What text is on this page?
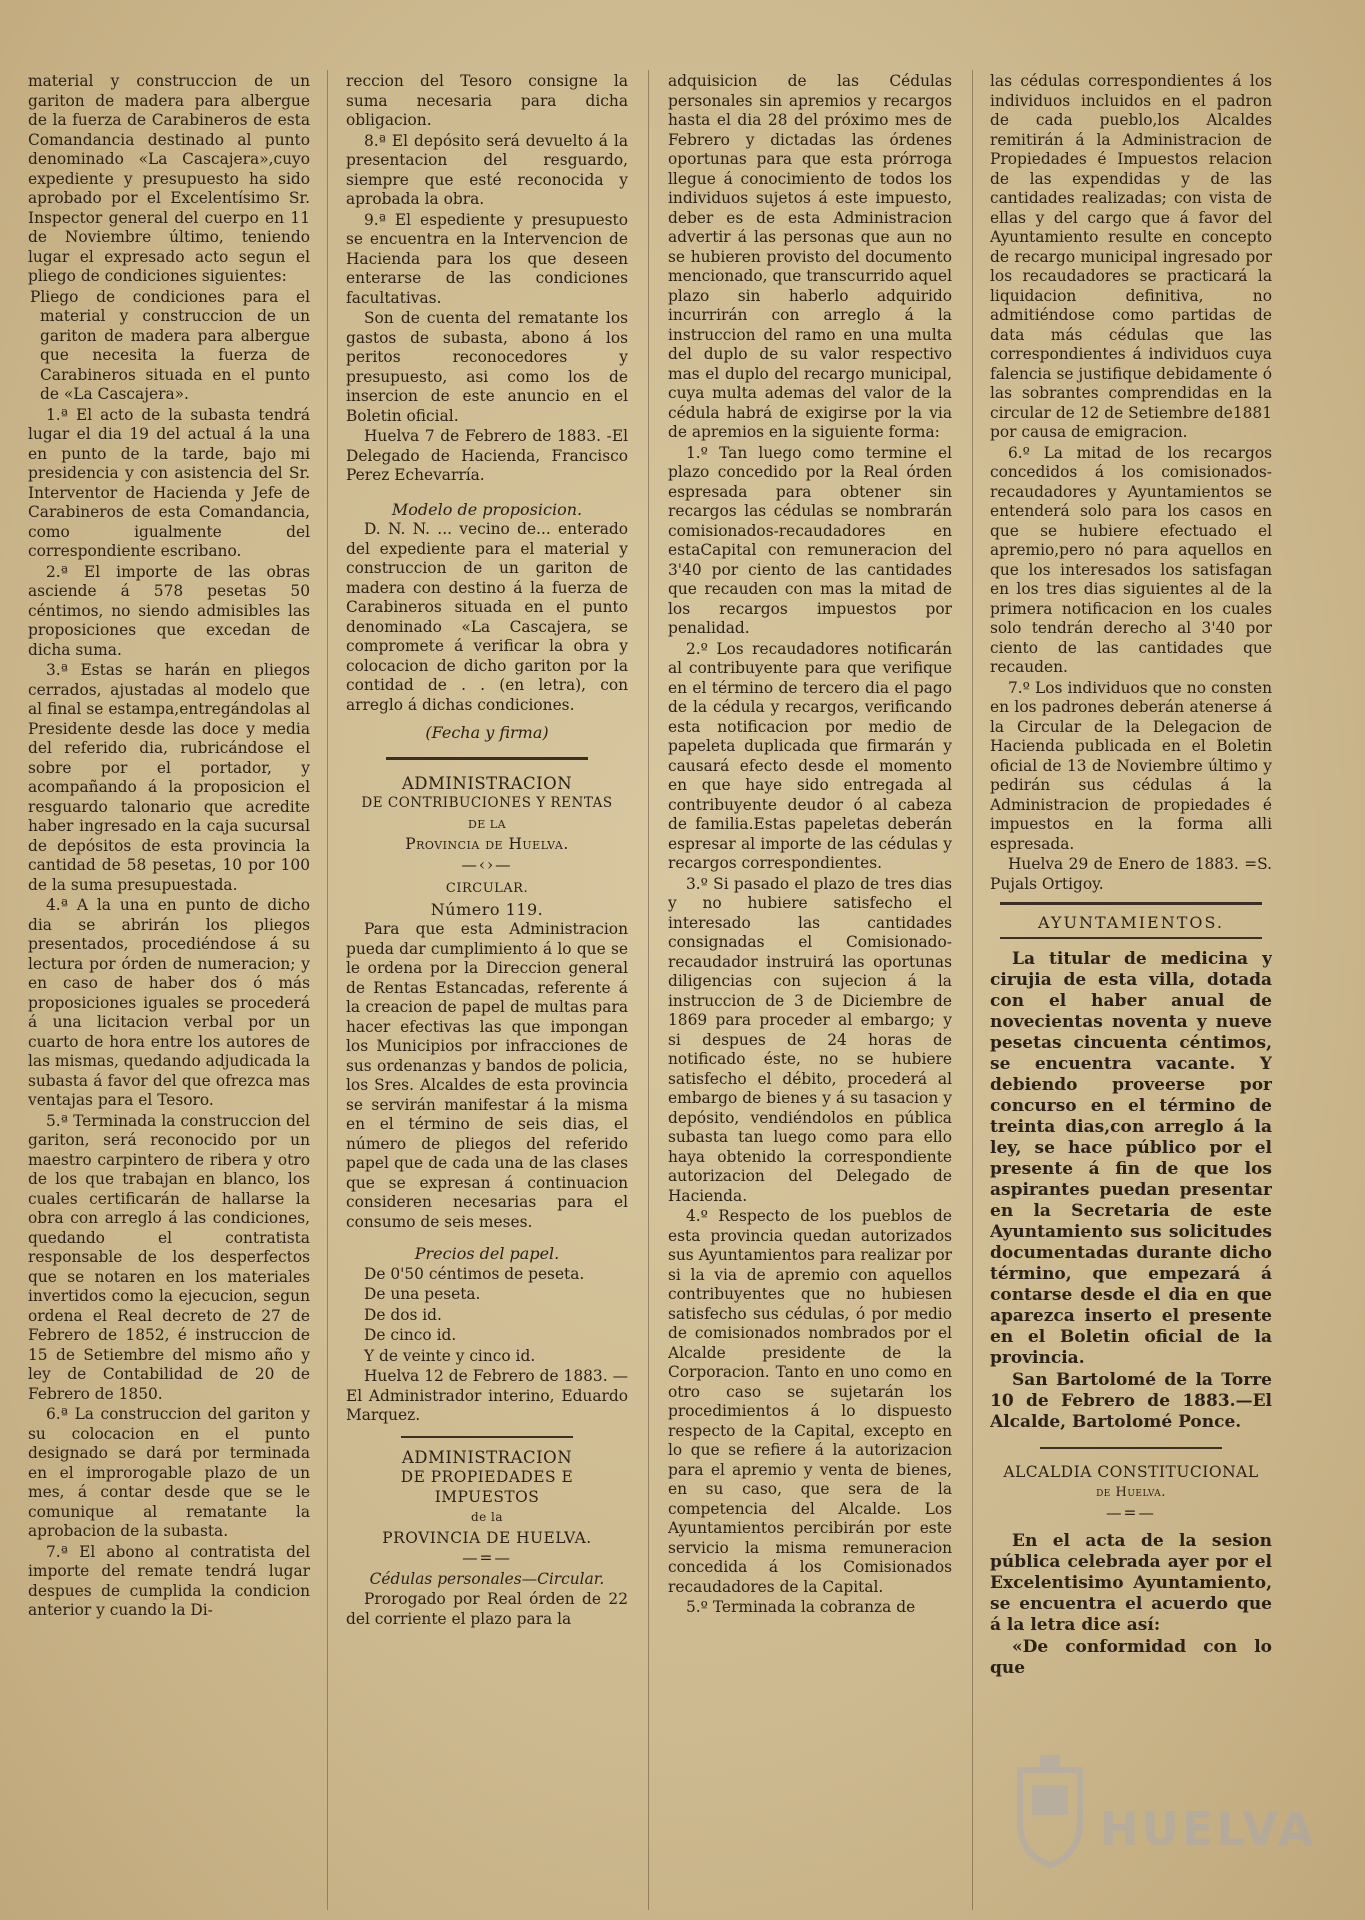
material y construccion de un gariton de madera para albergue de la fuerza de Carabineros de esta Comandancia destinado al punto denominado «La Cascajera»,cuyo expediente y presupuesto ha sido aprobado por el Excelentísimo Sr. Inspector general del cuerpo en 11 de Noviembre último, teniendo lugar el expresado acto segun el pliego de condiciones siguientes:

Pliego de condiciones para el material y construccion de un gariton de madera para albergue que necesita la fuerza de Carabineros situada en el punto de «La Cascajera».

1.ª El acto de la subasta tendrá lugar el dia 19 del actual á la una en punto de la tarde, bajo mi presidencia y con asistencia del Sr. Interventor de Hacienda y Jefe de Carabineros de esta Comandancia, como igualmente del correspondiente escribano.

2.ª El importe de las obras asciende á 578 pesetas 50 céntimos, no siendo admisibles las proposiciones que excedan de dicha suma.

3.ª Estas se harán en pliegos cerrados, ajustadas al modelo que al final se estampa,entregándolas al Presidente desde las doce y media del referido dia, rubricándose el sobre por el portador, y acompañando á la proposicion el resguardo talonario que acredite haber ingresado en la caja sucursal de depósitos de esta provincia la cantidad de 58 pesetas, 10 por 100 de la suma presupuestada.

4.ª A la una en punto de dicho dia se abrirán los pliegos presentados, procediéndose á su lectura por órden de numeracion; y en caso de haber dos ó más proposiciones iguales se procederá á una licitacion verbal por un cuarto de hora entre los autores de las mismas, quedando adjudicada la subasta á favor del que ofrezca mas ventajas para el Tesoro.

5.ª Terminada la construccion del gariton, será reconocido por un maestro carpintero de ribera y otro de los que trabajan en blanco, los cuales certificarán de hallarse la obra con arreglo á las condiciones, quedando el contratista responsable de los desperfectos que se notaren en los materiales invertidos como la ejecucion, segun ordena el Real decreto de 27 de Febrero de 1852, é instruccion de 15 de Setiembre del mismo año y ley de Contabilidad de 20 de Febrero de 1850.

6.ª La construccion del gariton y su colocacion en el punto designado se dará por terminada en el improrogable plazo de un mes, á contar desde que se le comunique al rematante la aprobacion de la subasta.

7.ª El abono al contratista del importe del remate tendrá lugar despues de cumplida la condicion anterior y cuando la Di-

reccion del Tesoro consigne la suma necesaria para dicha obligacion.

8.ª El depósito será devuelto á la presentacion del resguardo, siempre que esté reconocida y aprobada la obra.

9.ª El espediente y presupuesto se encuentra en la Intervencion de Hacienda para los que deseen enterarse de las condiciones facultativas.

Son de cuenta del rematante los gastos de subasta, abono á los peritos reconocedores y presupuesto, asi como los de insercion de este anuncio en el Boletin oficial.

Huelva 7 de Febrero de 1883. -El Delegado de Hacienda, Francisco Perez Echevarría.

Modelo de proposicion.

D. N. N. ... vecino de... enterado del expediente para el material y construccion de un gariton de madera con destino á la fuerza de Carabineros situada en el punto denominado «La Cascajera, se compromete á verificar la obra y colocacion de dicho gariton por la contidad de . . (en letra), con arreglo á dichas condiciones.

(Fecha y firma)

ADMINISTRACION

DE CONTRIBUCIONES Y RENTAS

DE LA

Provincia de Huelva.

—‹›—

CIRCULAR.

Número 119.

Para que esta Administracion pueda dar cumplimiento á lo que se le ordena por la Direccion general de Rentas Estancadas, referente á la creacion de papel de multas para hacer efectivas las que impongan los Municipios por infracciones de sus ordenanzas y bandos de policia, los Sres. Alcaldes de esta provincia se servirán manifestar á la misma en el término de seis dias, el número de pliegos del referido papel que de cada una de las clases que se expresan á continuacion consideren necesarias para el consumo de seis meses.

Precios del papel.

De 0'50 céntimos de peseta.

De una peseta.

De dos id.

De cinco id.

Y de veinte y cinco id.

Huelva 12 de Febrero de 1883. — El Administrador interino, Eduardo Marquez.

ADMINISTRACION

DE PROPIEDADES E IMPUESTOS

de la

PROVINCIA DE HUELVA.

—=—

Cédulas personales—Circular.

Prorogado por Real órden de 22 del corriente el plazo para la

adquisicion de las Cédulas personales sin apremios y recargos hasta el dia 28 del próximo mes de Febrero y dictadas las órdenes oportunas para que esta prórroga llegue á conocimiento de todos los individuos sujetos á este impuesto, deber es de esta Administracion advertir á las personas que aun no se hubieren provisto del documento mencionado, que transcurrido aquel plazo sin haberlo adquirido incurrirán con arreglo á la instruccion del ramo en una multa del duplo de su valor respectivo mas el duplo del recargo municipal, cuya multa ademas del valor de la cédula habrá de exigirse por la via de apremios en la siguiente forma:

1.º Tan luego como termine el plazo concedido por la Real órden espresada para obtener sin recargos las cédulas se nombrarán comisionados-recaudadores en estaCapital con remuneracion del 3'40 por ciento de las cantidades que recauden con mas la mitad de los recargos impuestos por penalidad.

2.º Los recaudadores notificarán al contribuyente para que verifique en el término de tercero dia el pago de la cédula y recargos, verificando esta notificacion por medio de papeleta duplicada que firmarán y causará efecto desde el momento en que haye sido entregada al contribuyente deudor ó al cabeza de familia.Estas papeletas deberán espresar al importe de las cédulas y recargos correspondientes.

3.º Si pasado el plazo de tres dias y no hubiere satisfecho el interesado las cantidades consignadas el Comisionado-recaudador instruirá las oportunas diligencias con sujecion á la instruccion de 3 de Diciembre de 1869 para proceder al embargo; y si despues de 24 horas de notificado éste, no se hubiere satisfecho el débito, procederá al embargo de bienes y á su tasacion y depósito, vendiéndolos en pública subasta tan luego como para ello haya obtenido la correspondiente autorizacion del Delegado de Hacienda.

4.º Respecto de los pueblos de esta provincia quedan autorizados sus Ayuntamientos para realizar por si la via de apremio con aquellos contribuyentes que no hubiesen satisfecho sus cédulas, ó por medio de comisionados nombrados por el Alcalde presidente de la Corporacion. Tanto en uno como en otro caso se sujetarán los procedimientos á lo dispuesto respecto de la Capital, excepto en lo que se refiere á la autorizacion para el apremio y venta de bienes, en su caso, que sera de la competencia del Alcalde. Los Ayuntamientos percibirán por este servicio la misma remuneracion concedida á los Comisionados recaudadores de la Capital.

5.º Terminada la cobranza de

las cédulas correspondientes á los individuos incluidos en el padron de cada pueblo,los Alcaldes remitirán á la Administracion de Propiedades é Impuestos relacion de las expendidas y de las cantidades realizadas; con vista de ellas y del cargo que á favor del Ayuntamiento resulte en concepto de recargo municipal ingresado por los recaudadores se practicará la liquidacion definitiva, no admitiéndose como partidas de data más cédulas que las correspondientes á individuos cuya falencia se justifique debidamente ó las sobrantes comprendidas en la circular de 12 de Setiembre de1881 por causa de emigracion.

6.º La mitad de los recargos concedidos á los comisionados-recaudadores y Ayuntamientos se entenderá solo para los casos en que se hubiere efectuado el apremio,pero nó para aquellos en que los interesados los satisfagan en los tres dias siguientes al de la primera notificacion en los cuales solo tendrán derecho al 3'40 por ciento de las cantidades que recauden.

7.º Los individuos que no consten en los padrones deberán atenerse á la Circular de la Delegacion de Hacienda publicada en el Boletin oficial de 13 de Noviembre último y pedirán sus cédulas á la Administracion de propiedades é impuestos en la forma alli espresada.

Huelva 29 de Enero de 1883. =S. Pujals Ortigoy.

AYUNTAMIENTOS.

La titular de medicina y cirujia de esta villa, dotada con el haber anual de novecientas noventa y nueve pesetas cincuenta céntimos, se encuentra vacante. Y debiendo proveerse por concurso en el término de treinta dias,con arreglo á la ley, se hace público por el presente á fin de que los aspirantes puedan presentar en la Secretaria de este Ayuntamiento sus solicitudes documentadas durante dicho término, que empezará á contarse desde el dia en que aparezca inserto el presente en el Boletin oficial de la provincia.

San Bartolomé de la Torre 10 de Febrero de 1883.—El Alcalde, Bartolomé Ponce.

ALCALDIA CONSTITUCIONAL

de Huelva.

—=—

En el acta de la sesion pública celebrada ayer por el Excelentisimo Ayuntamiento, se encuentra el acuerdo que á la letra dice así:

«De conformidad con lo que

HUELVA
